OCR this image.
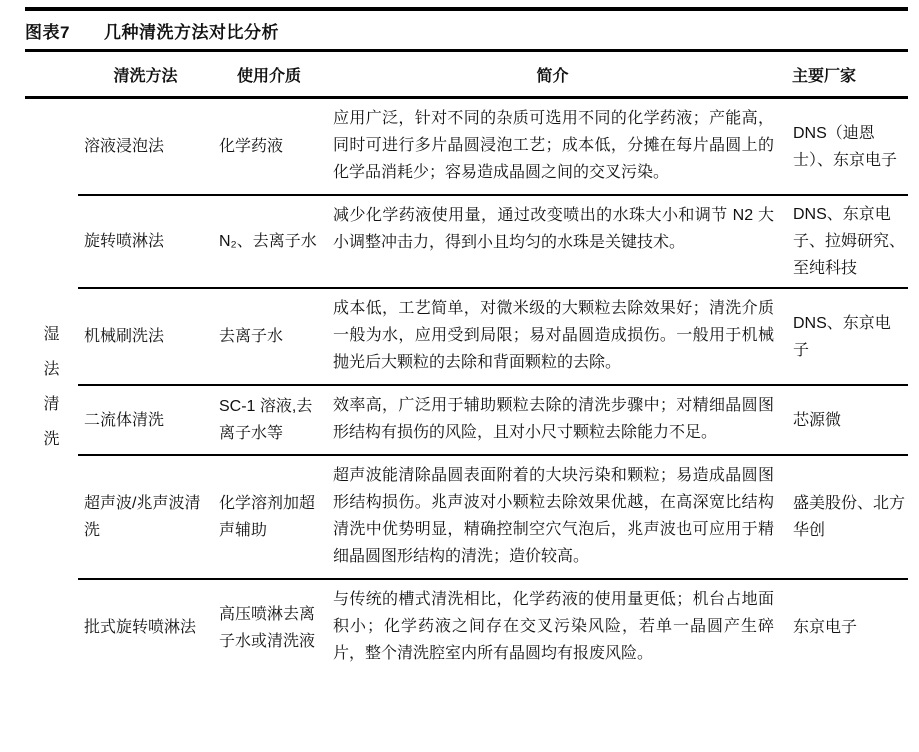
图表7 几种清洗方法对比分析
	清洗方法	使用介质	简介	主要厂家

湿法清洗	溶液浸泡法	化学药液	应用广泛，针对不同的杂质可选用不同的化学药液；产能高，同时可进行多片晶圆浸泡工艺；成本低，分摊在每片晶圆上的化学品消耗少；容易造成晶圆之间的交叉污染。	DNS（迪恩士）、东京电子
	旋转喷淋法	N₂、去离子水	减少化学药液使用量，通过改变喷出的水珠大小和调节 N2 大小调整冲击力，得到小且均匀的水珠是关键技术。	DNS、东京电子、拉姆研究、至纯科技
	机械刷洗法	去离子水	成本低，工艺简单，对微米级的大颗粒去除效果好；清洗介质一般为水，应用受到局限；易对晶圆造成损伤。一般用于机械抛光后大颗粒的去除和背面颗粒的去除。	DNS、东京电子
	二流体清洗	SC-1 溶液,去离子水等	效率高，广泛用于辅助颗粒去除的清洗步骤中；对精细晶圆图形结构有损伤的风险，且对小尺寸颗粒去除能力不足。	芯源微
	超声波/兆声波清洗	化学溶剂加超声辅助	超声波能清除晶圆表面附着的大块污染和颗粒；易造成晶圆图形结构损伤。兆声波对小颗粒去除效果优越，在高深宽比结构清洗中优势明显，精确控制空穴气泡后，兆声波也可应用于精细晶圆图形结构的清洗；造价较高。	盛美股份、北方华创
	批式旋转喷淋法	高压喷淋去离子水或清洗液	与传统的槽式清洗相比，化学药液的使用量更低；机台占地面积小；化学药液之间存在交叉污染风险，若单一晶圆产生碎片，整个清洗腔室内所有晶圆均有报废风险。	东京电子
